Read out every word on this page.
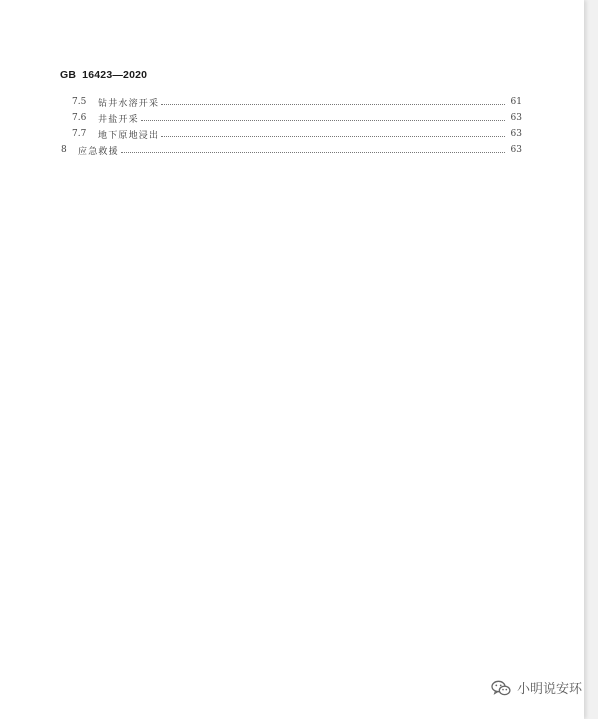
GB 16423—2020
7.5	钻井水溶开采	61
7.6	井盐开采	63
7.7	地下原地浸出	63
8	应急救援	63
小明说安环
